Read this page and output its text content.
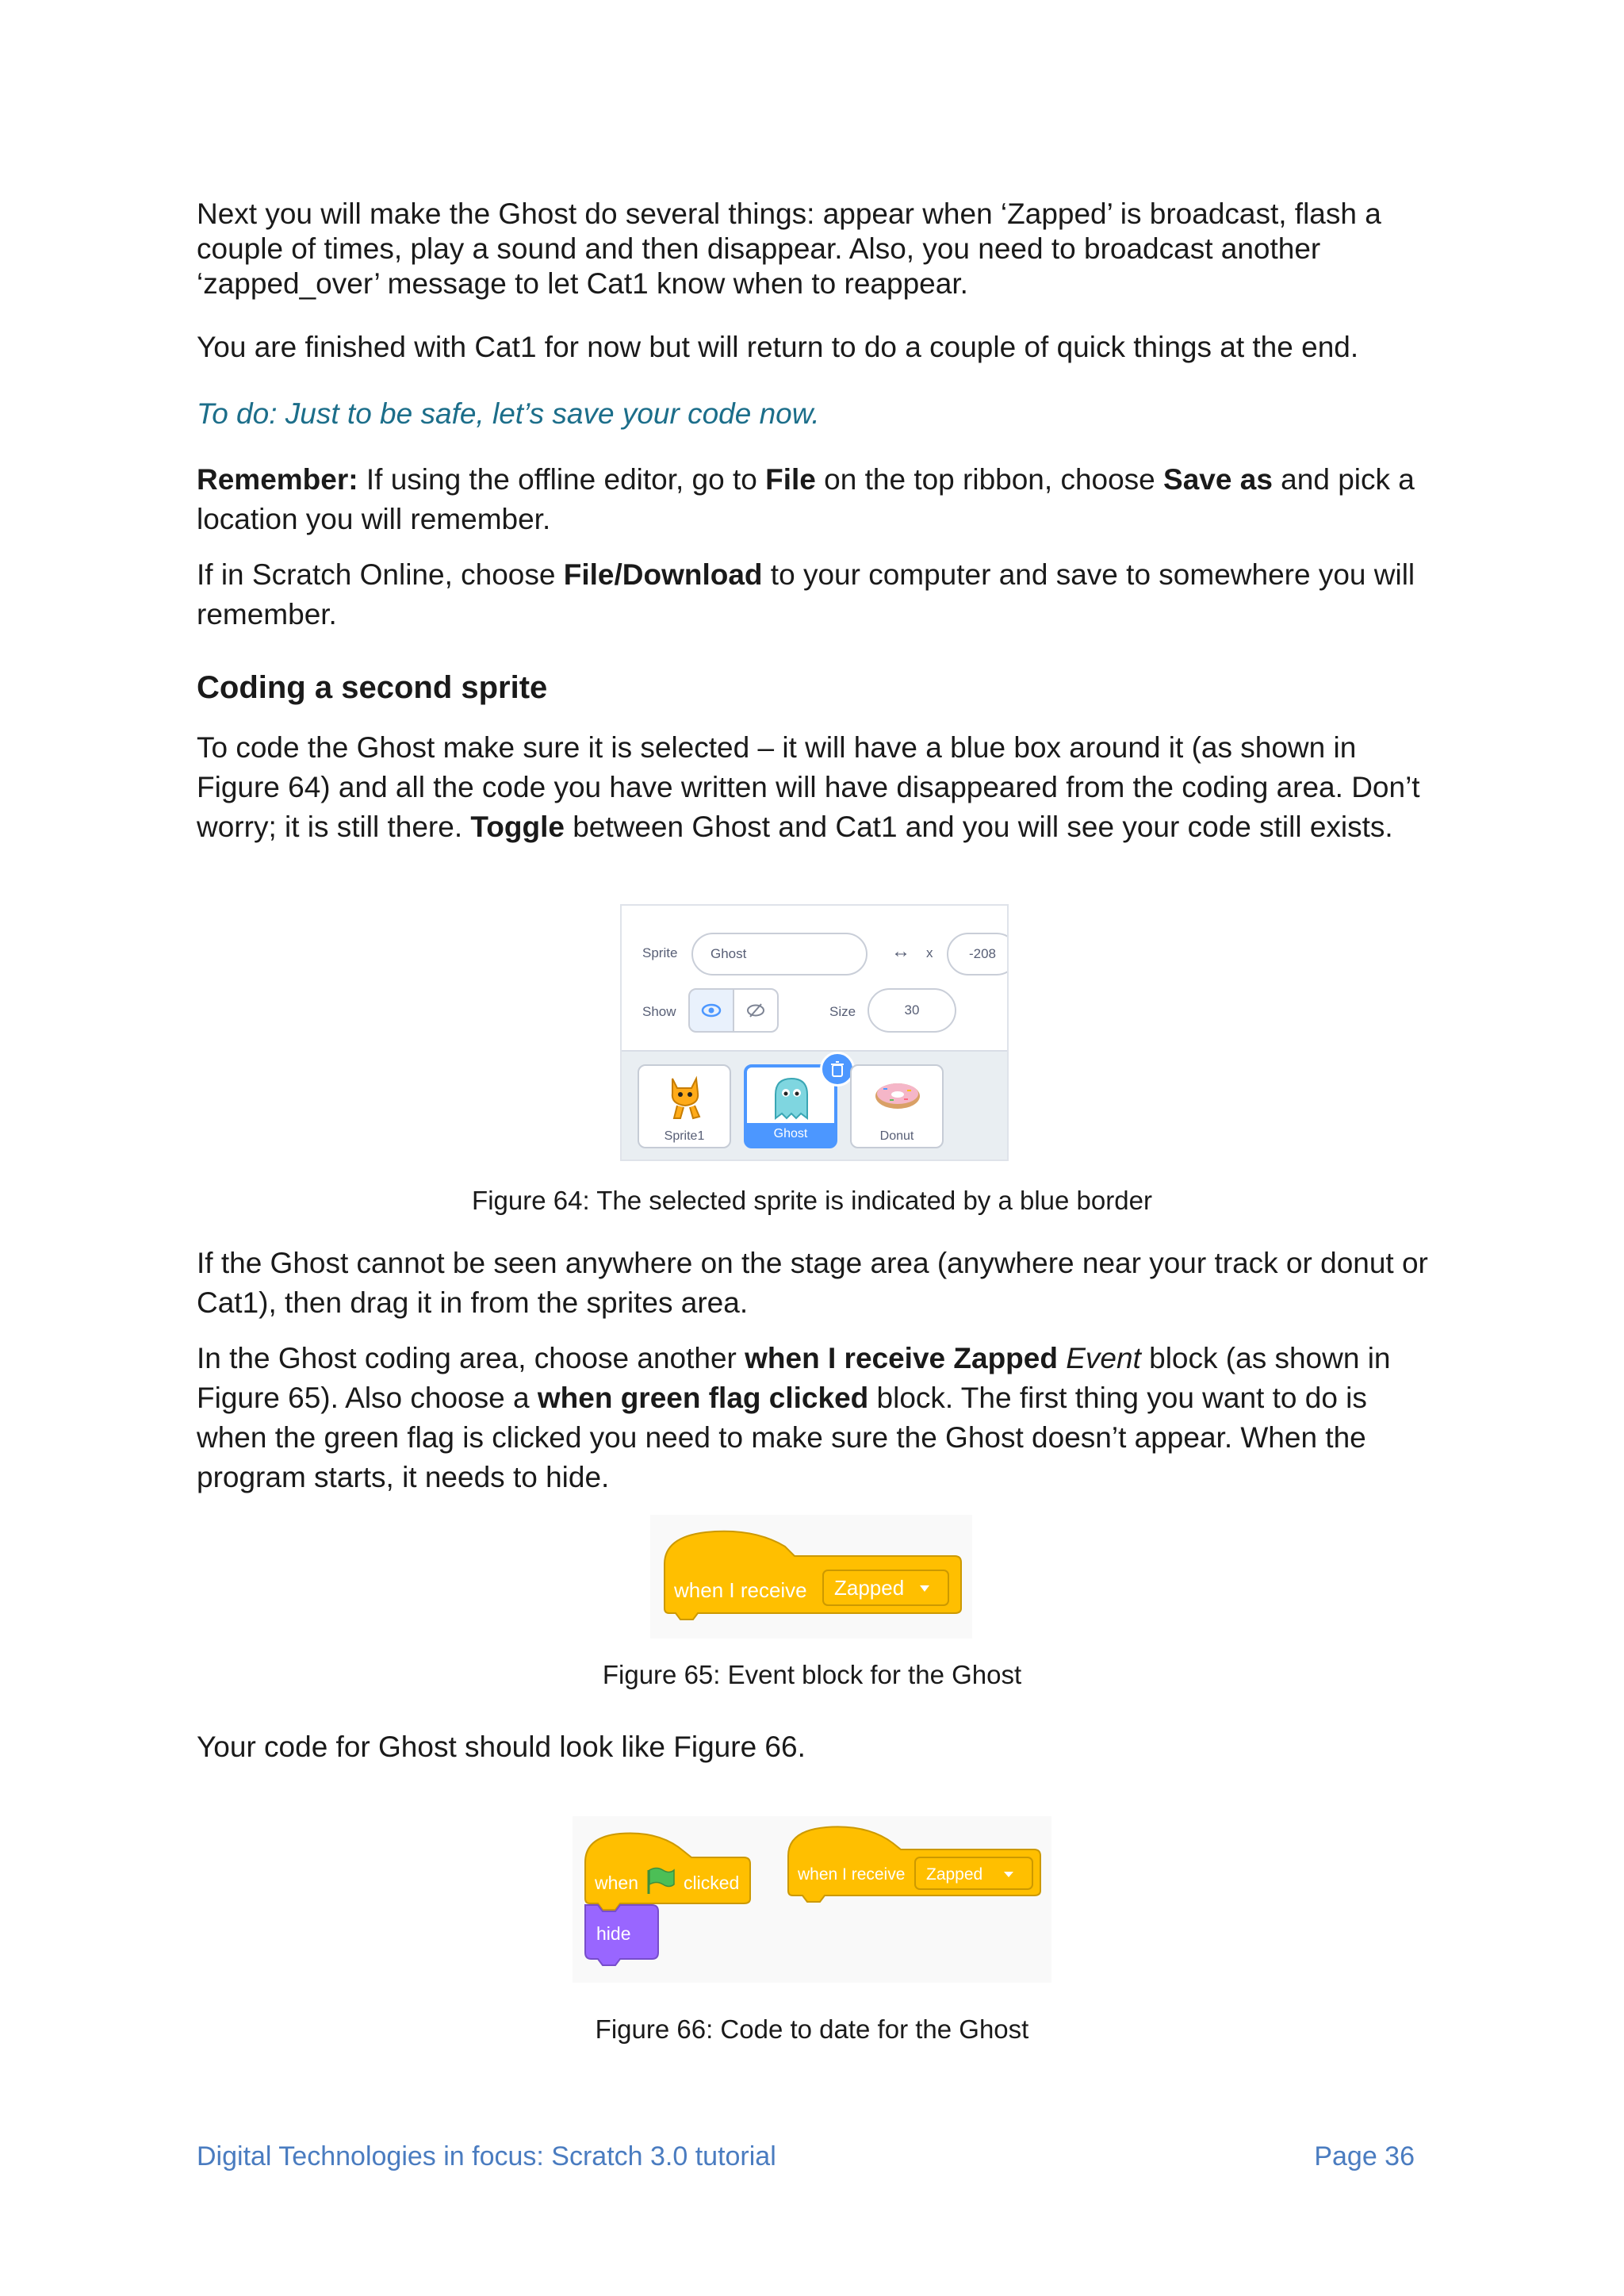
Next you will make the Ghost do several things: appear when ‘Zapped’ is broadcast, flash a
couple of times, play a sound and then disappear. Also, you need to broadcast another
‘zapped_over’ message to let Cat1 know when to reappear.

You are finished with Cat1 for now but will return to do a couple of quick things at the end.

To do: Just to be safe, let’s save your code now.

Remember: If using the offline editor, go to File on the top ribbon, choose Save as and pick a location you will remember.

If in Scratch Online, choose File/Download to your computer and save to somewhere you will remember.

Coding a second sprite

To code the Ghost make sure it is selected – it will have a blue box around it (as shown in Figure 64) and all the code you have written will have disappeared from the coding area. Don’t worry; it is still there. Toggle between Ghost and Cat1 and you will see your code still exists.

Sprite	Ghost	↔ x	-208
Show	Size	30
Sprite1	Ghost	Donut

Figure 64: The selected sprite is indicated by a blue border

If the Ghost cannot be seen anywhere on the stage area (anywhere near your track or donut or Cat1), then drag it in from the sprites area.

In the Ghost coding area, choose another when I receive Zapped Event block (as shown in Figure 65). Also choose a when green flag clicked block. The first thing you want to do is when the green flag is clicked you need to make sure the Ghost doesn’t appear. When the program starts, it needs to hide.

when I receive Zapped

Figure 65: Event block for the Ghost

Your code for Ghost should look like Figure 66.

when clicked
hide
when I receive Zapped

Figure 66: Code to date for the Ghost

Digital Technologies in focus: Scratch 3.0 tutorial	Page 36
